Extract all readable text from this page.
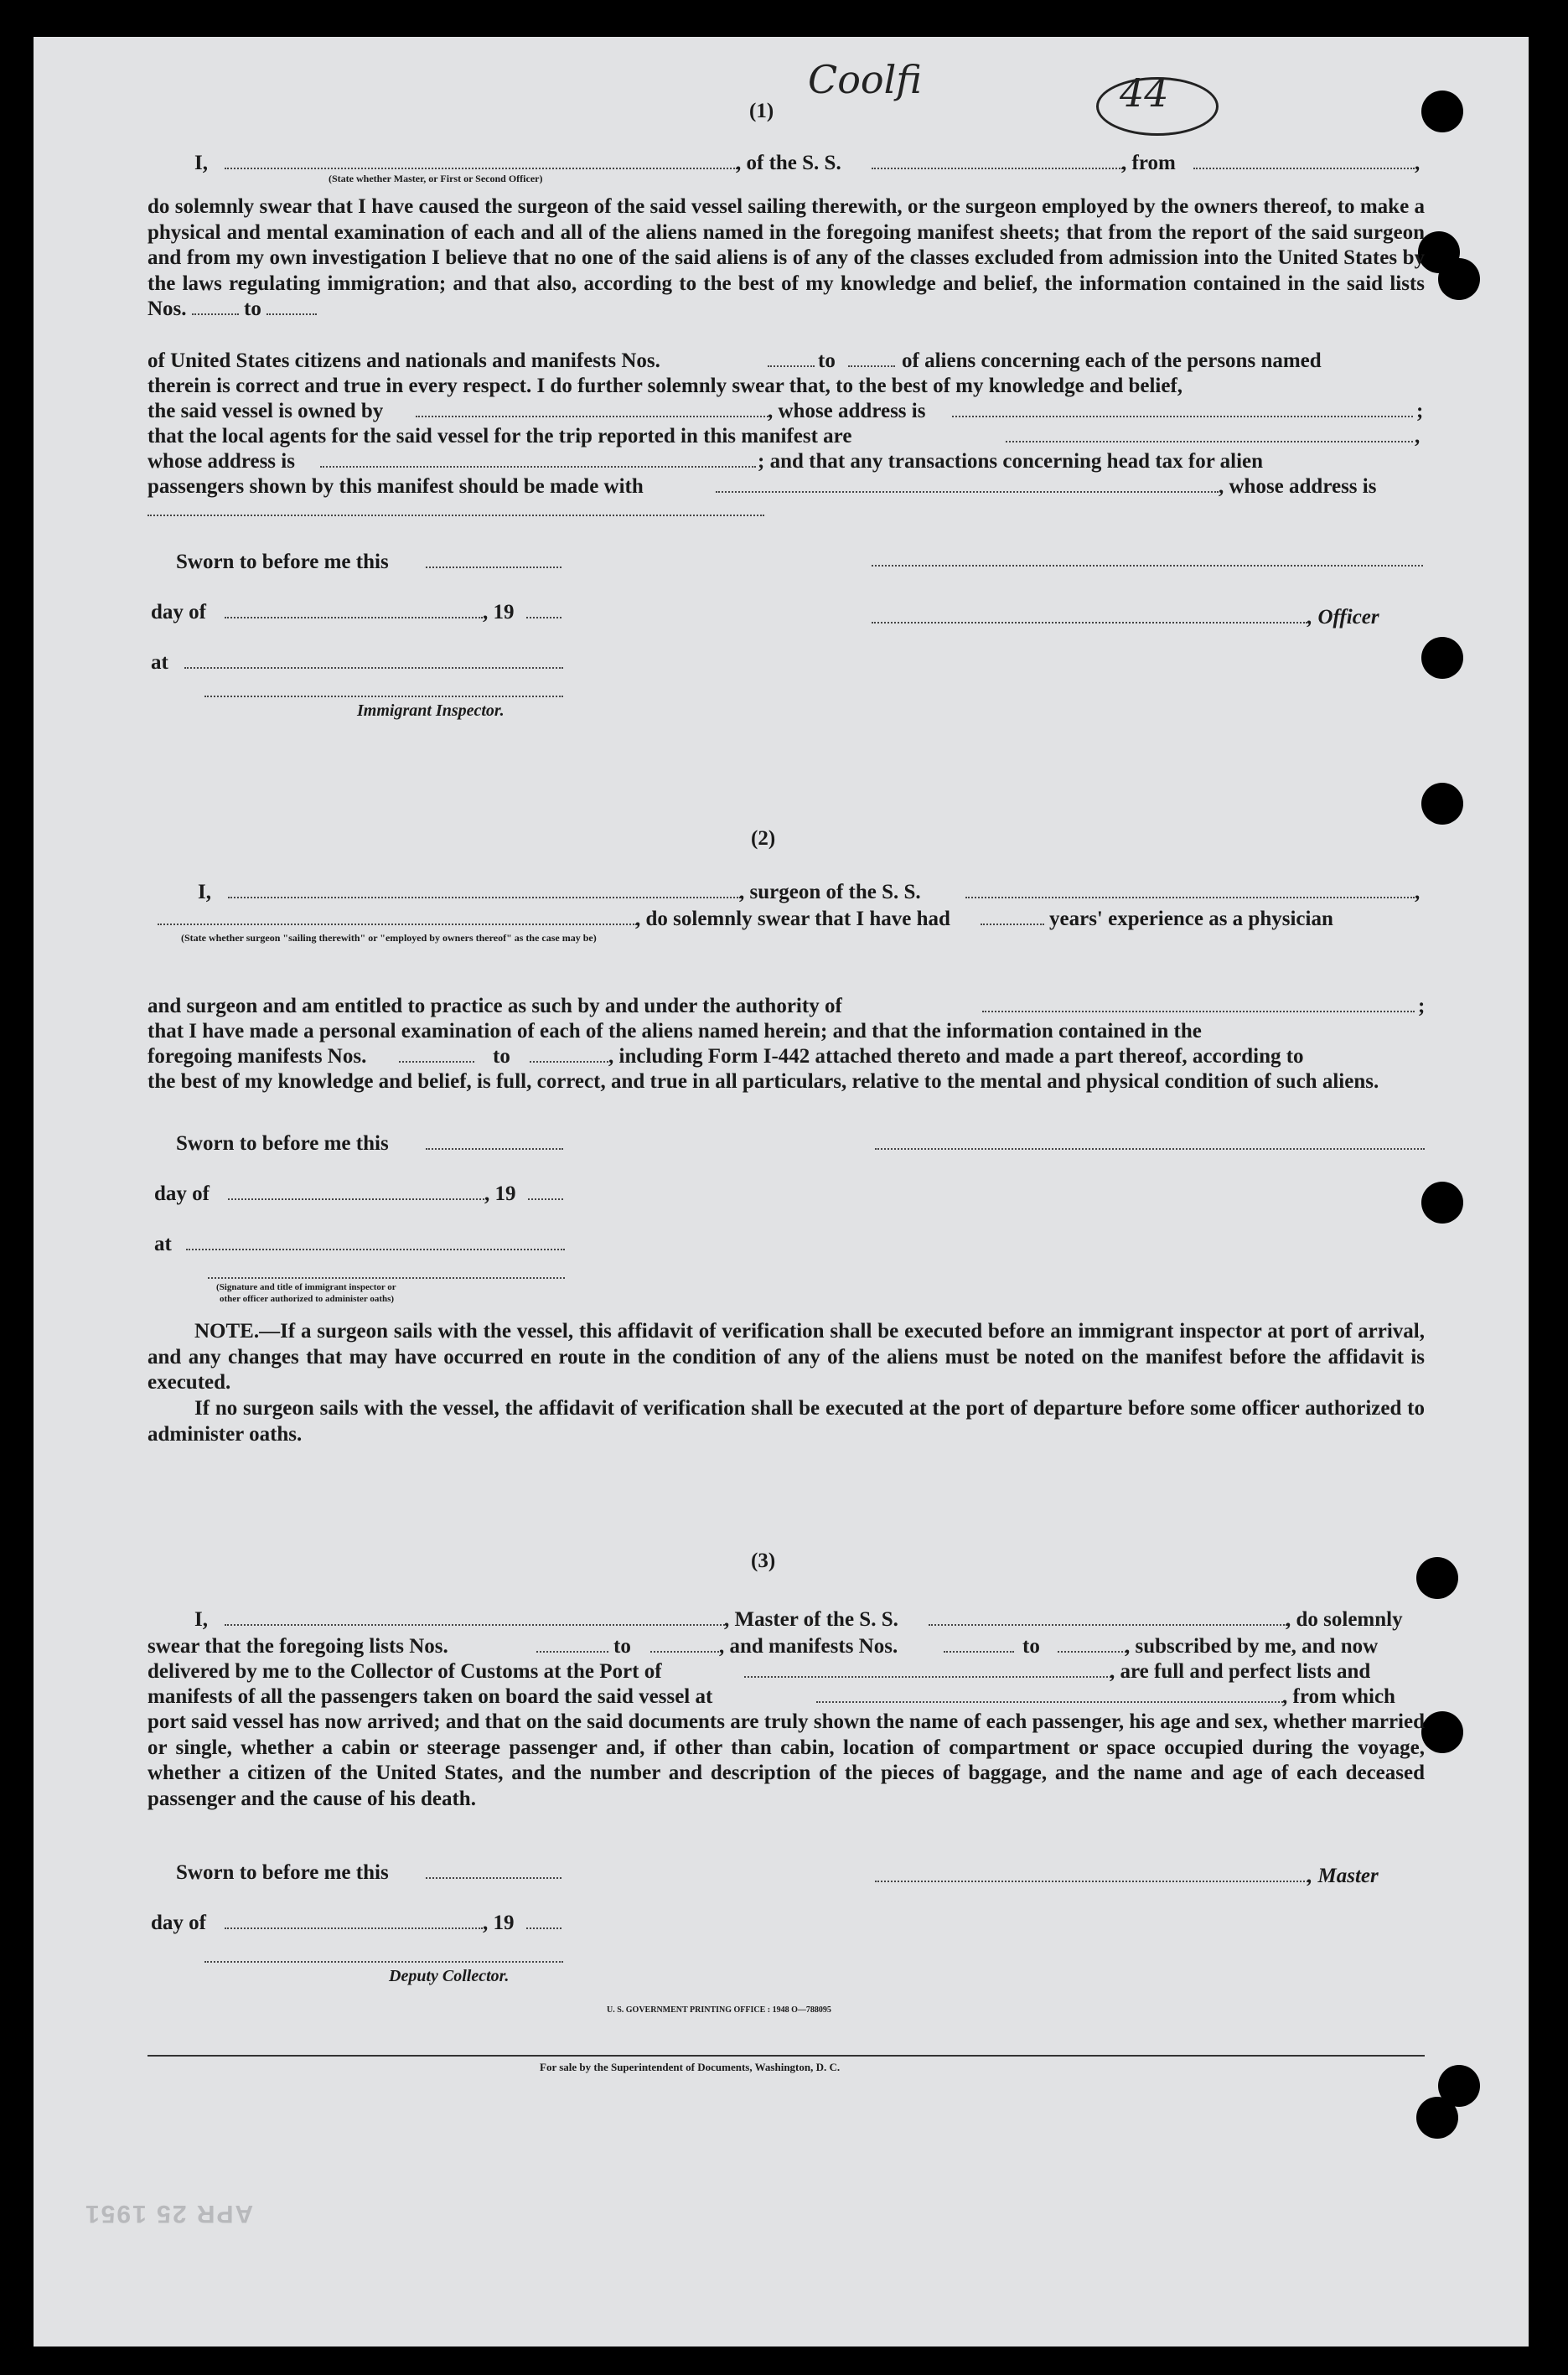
Coolfi	44
(1)
I,	, of the S. S.	, from	,
(State whether Master, or First or Second Officer)
do solemnly swear that I have caused the surgeon of the said vessel sailing therewith, or the surgeon employed by the owners thereof, to make a physical and mental examination of each and all of the aliens named in the foregoing manifest sheets; that from the report of the said surgeon and from my own investigation I believe that no one of the said aliens is of any of the classes excluded from admission into the United States by the laws regulating immigration; and that also, according to the best of my knowledge and belief, the information contained in the said lists Nos.	to
of United States citizens and nationals and manifests Nos.	to	of aliens concerning each of the persons named
therein is correct and true in every respect. I do further solemnly swear that, to the best of my knowledge and belief,
the said vessel is owned by	, whose address is	;
that the local agents for the said vessel for the trip reported in this manifest are	,
whose address is	; and that any transactions concerning head tax for alien
passengers shown by this manifest should be made with	, whose address is
Sworn to before me this
day of	, 19	, Officer
at
Immigrant Inspector.
(2)
I,	, surgeon of the S. S.	,
, do solemnly swear that I have had	years' experience as a physician
(State whether surgeon "sailing therewith" or "employed by owners thereof" as the case may be)
and surgeon and am entitled to practice as such by and under the authority of	;
that I have made a personal examination of each of the aliens named herein; and that the information contained in the
foregoing manifests Nos.	to	, including Form I-442 attached thereto and made a part thereof, according to
the best of my knowledge and belief, is full, correct, and true in all particulars, relative to the mental and physical condition of such aliens.
Sworn to before me this
day of	, 19
at
(Signature and title of immigrant inspector or
other officer authorized to administer oaths)
NOTE.—If a surgeon sails with the vessel, this affidavit of verification shall be executed before an immigrant inspector at port of arrival, and any changes that may have occurred en route in the condition of any of the aliens must be noted on the manifest before the affidavit is executed.
If no surgeon sails with the vessel, the affidavit of verification shall be executed at the port of departure before some officer authorized to administer oaths.
(3)
I,	, Master of the S. S.	, do solemnly
swear that the foregoing lists Nos.	to	, and manifests Nos.	to	, subscribed by me, and now
delivered by me to the Collector of Customs at the Port of	, are full and perfect lists and
manifests of all the passengers taken on board the said vessel at	, from which
port said vessel has now arrived; and that on the said documents are truly shown the name of each passenger, his age and sex, whether married or single, whether a cabin or steerage passenger and, if other than cabin, location of compartment or space occupied during the voyage, whether a citizen of the United States, and the number and description of the pieces of baggage, and the name and age of each deceased passenger and the cause of his death.
Sworn to before me this	, Master
day of	, 19
Deputy Collector.
U. S. GOVERNMENT PRINTING OFFICE : 1948 O—788095
For sale by the Superintendent of Documents, Washington, D. C.
APR 25 1951
